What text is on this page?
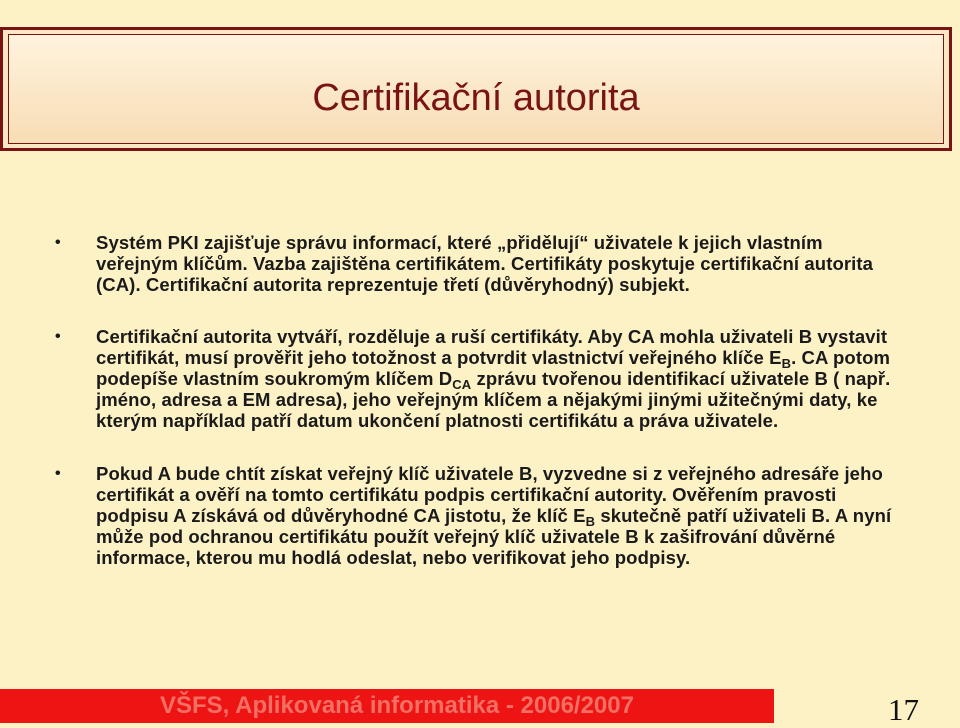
Certifikační autorita
• Systém PKI zajišťuje správu informací, které „přidělují“ uživatele k jejich vlastním veřejným klíčům. Vazba zajištěna certifikátem. Certifikáty poskytuje certifikační autorita (CA). Certifikační autorita reprezentuje třetí (důvěryhodný) subjekt.
• Certifikační autorita vytváří, rozděluje a ruší certifikáty. Aby CA mohla uživateli B vystavit certifikát, musí prověřit jeho totožnost a potvrdit vlastnictví veřejného klíče $E_B$. CA potom podepíše vlastním soukromým klíčem $D_{CA}$ zprávu tvořenou identifikací uživatele B ( např. jméno, adresa a EM adresa), jeho veřejným klíčem a nějakými jinými užitečnými daty, ke kterým například patří datum ukončení platnosti certifikátu a práva uživatele.
• Pokud A bude chtít získat veřejný klíč uživatele B, vyzvedne si z veřejného adresáře jeho certifikát a ověří na tomto certifikátu podpis certifikační autority. Ověřením pravosti podpisu A získává od důvěryhodné CA jistotu, že klíč $E_B$ skutečně patří uživateli B. A nyní může pod ochranou certifikátu použít veřejný klíč uživatele B k zašifrování důvěrné informace, kterou mu hodlá odeslat, nebo verifikovat jeho podpisy.
VŠFS, Aplikovaná informatika - 2006/2007	17
